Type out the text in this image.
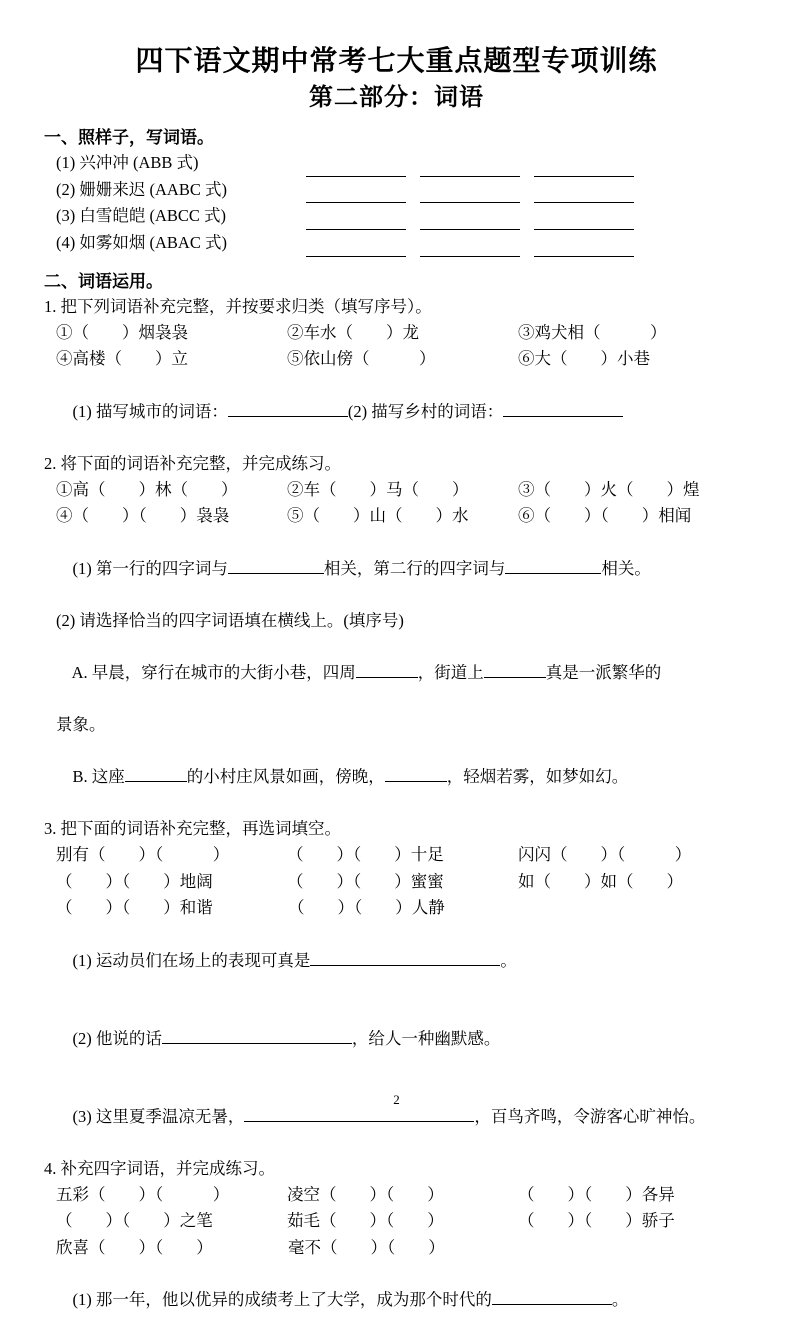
四下语文期中常考七大重点题型专项训练
第二部分：词语
一、照样子，写词语。
(1) 兴冲冲 (ABB 式)
(2) 姗姗来迟 (AABC 式)
(3) 白雪皑皑 (ABCC 式)
(4) 如雾如烟 (ABAC 式)
二、词语运用。
1. 把下列词语补充完整，并按要求归类（填写序号）。
①（　　）烟袅袅	②车水（　　）龙	③鸡犬相（　　　）
④高楼（　　）立	⑤依山傍（　　　）	⑥大（　　）小巷

(1) 描写城市的词语：	(2) 描写乡村的词语：

2. 将下面的词语补充完整，并完成练习。
①高（　　）林（　　）	②车（　　）马（　　）	③（　　）火（　　）煌
④（　　）（　　）袅袅	⑤（　　）山（　　）水	⑥（　　）（　　）相闻

(1) 第一行的四字词与	相关，第二行的四字词与	相关。

(2) 请选择恰当的四字词语填在横线上。(填序号)

A. 早晨，穿行在城市的大街小巷，四周	，街道上	真是一派繁华的

景象。

B. 这座	的小村庄风景如画，傍晚，	，轻烟若雾，如梦如幻。

3. 把下面的词语补充完整，再选词填空。
别有（　　）（　　　）	（　　）（　　）十足	闪闪（　　）（　　　）
（　　）（　　）地阔	（　　）（　　）蜜蜜	如（　　）如（　　）
（　　）（　　）和谐	（　　）（　　）人静

(1) 运动员们在场上的表现可真是	。

(2) 他说的话	，给人一种幽默感。

(3) 这里夏季温凉无暑，	，百鸟齐鸣，令游客心旷神怡。

4. 补充四字词语，并完成练习。
五彩（　　）（　　　）	凌空（　　）（　　）	（　　）（　　）各异
（　　）（　　）之笔	茹毛（　　）（　　）	（　　）（　　）骄子
欣喜（　　）（　　）	毫不（　　）（　　）

(1) 那一年，他以优异的成绩考上了大学，成为那个时代的	。

2
